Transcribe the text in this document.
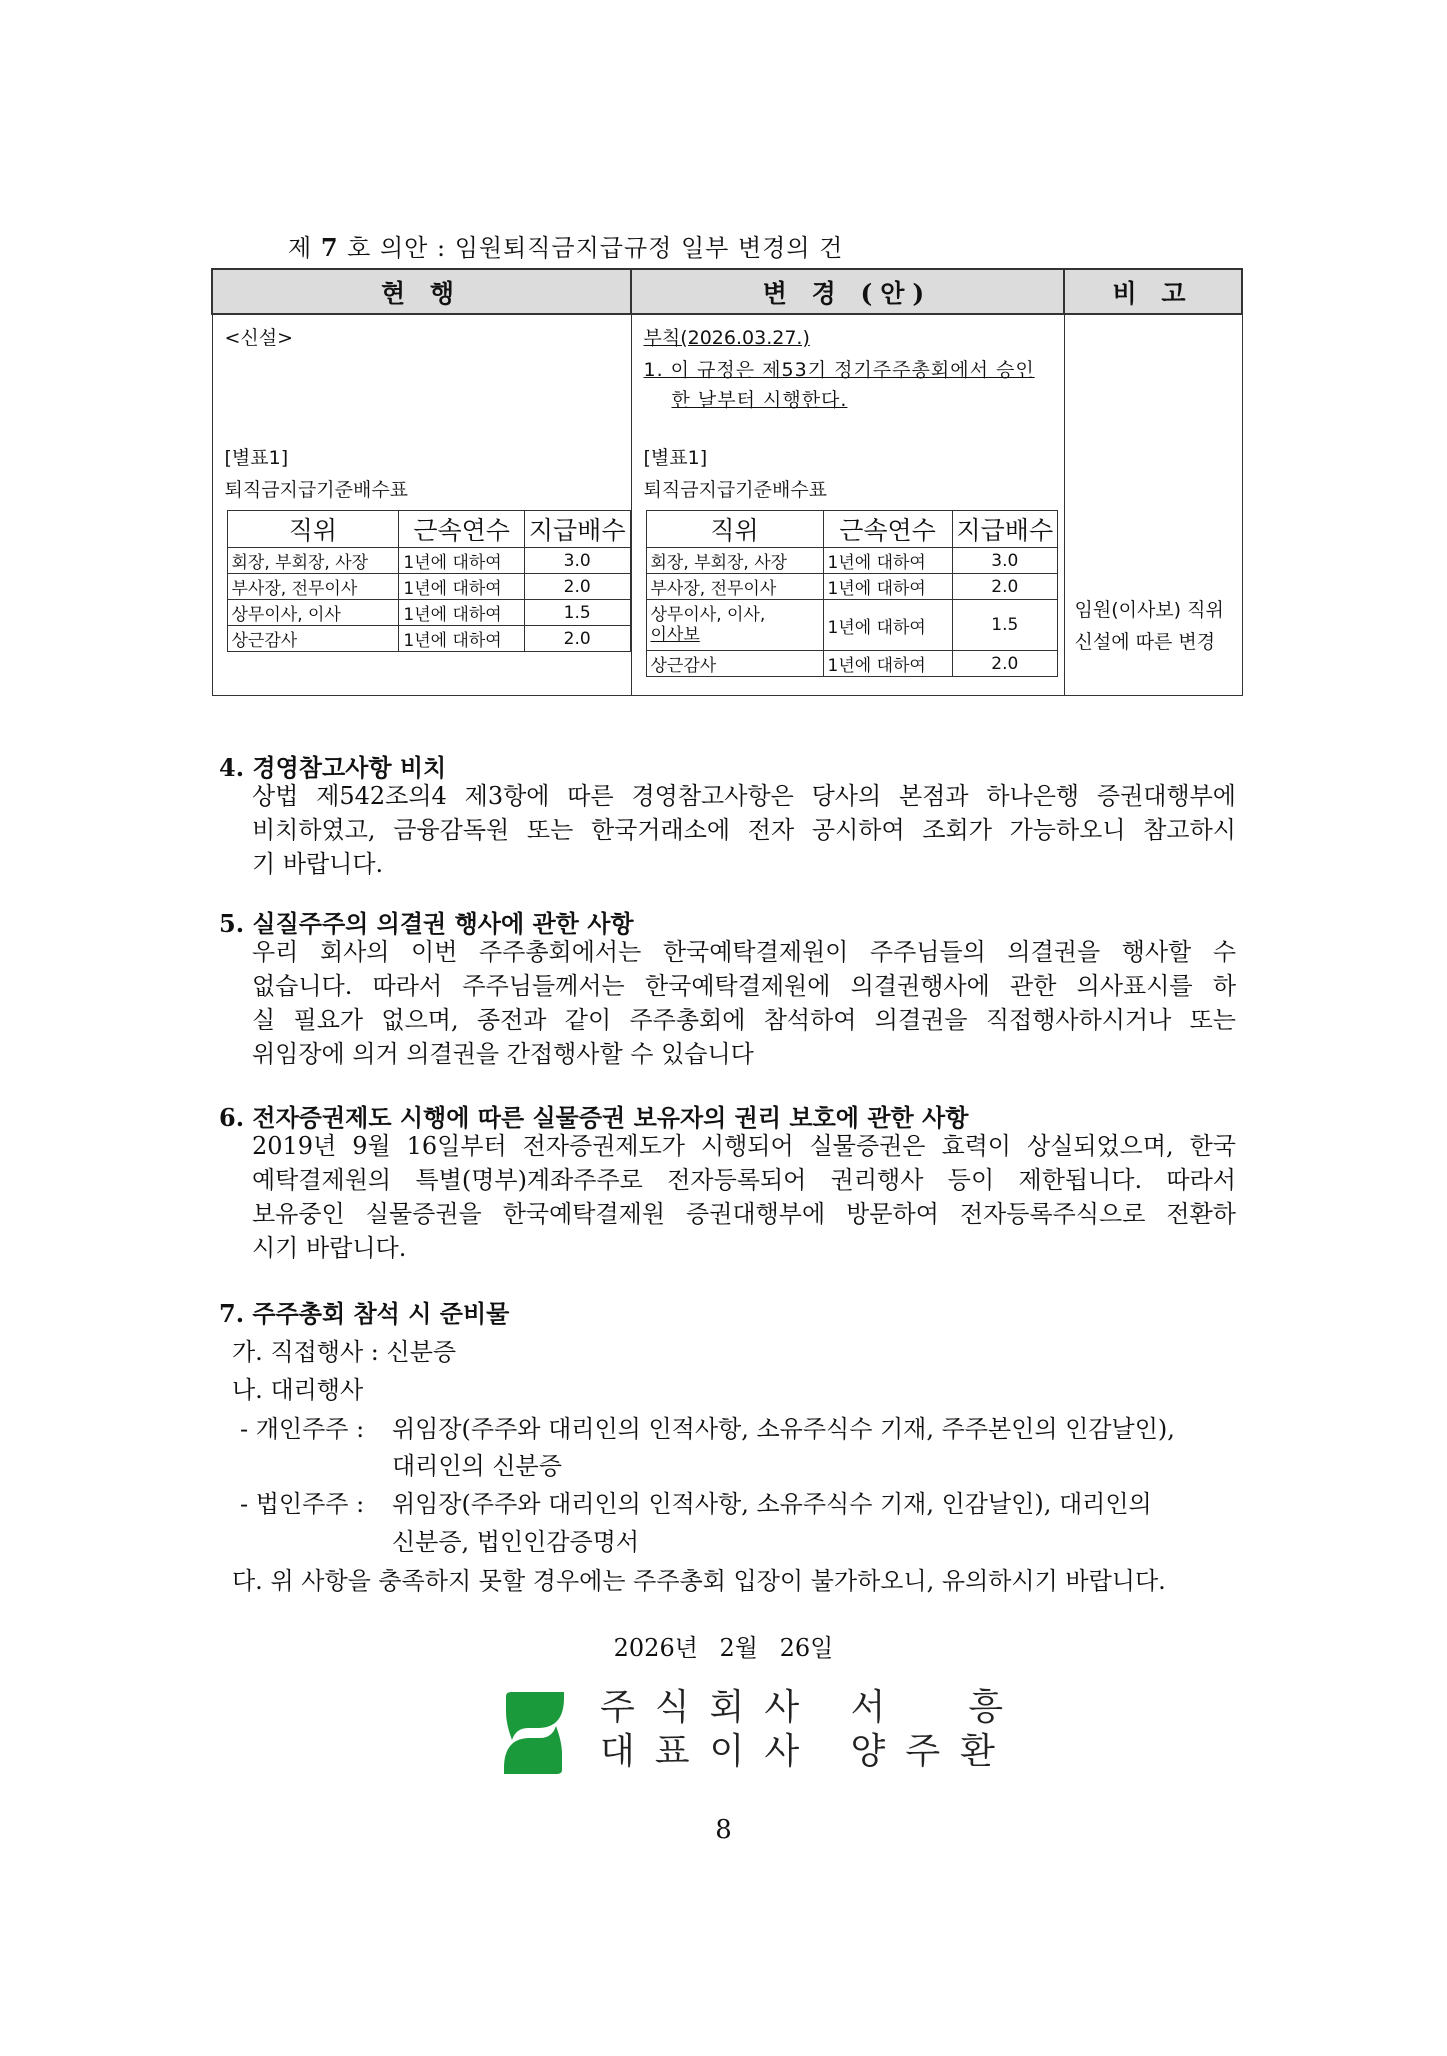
제 7 호 의안 : 임원퇴직금지급규정 일부 변경의 건
현 행	변 경 (안)	비 고

<신설>
[별표1]
퇴직금지급기준배수표
직위	근속연수	지급배수
회장, 부회장, 사장	1년에 대하여	3.0
부사장, 전무이사	1년에 대하여	2.0
상무이사, 이사	1년에 대하여	1.5
상근감사	1년에 대하여	2.0

부칙(2026.03.27.)
1. 이 규정은 제53기 정기주주총회에서 승인
한 날부터 시행한다.
[별표1]
퇴직금지급기준배수표
직위	근속연수	지급배수
회장, 부회장, 사장	1년에 대하여	3.0
부사장, 전무이사	1년에 대하여	2.0
상무이사, 이사,
이사보	1년에 대하여	1.5
상근감사	1년에 대하여	2.0

임원(이사보) 직위
신설에 따른 변경
4. 경영참고사항 비치
상법 제542조의4 제3항에 따른 경영참고사항은 당사의 본점과 하나은행 증권대행부에
비치하였고, 금융감독원 또는 한국거래소에 전자 공시하여 조회가 가능하오니 참고하시
기 바랍니다.
5. 실질주주의 의결권 행사에 관한 사항
우리 회사의 이번 주주총회에서는 한국예탁결제원이 주주님들의 의결권을 행사할 수
없습니다. 따라서 주주님들께서는 한국예탁결제원에 의결권행사에 관한 의사표시를 하
실 필요가 없으며, 종전과 같이 주주총회에 참석하여 의결권을 직접행사하시거나 또는
위임장에 의거 의결권을 간접행사할 수 있습니다
6. 전자증권제도 시행에 따른 실물증권 보유자의 권리 보호에 관한 사항
2019년 9월 16일부터 전자증권제도가 시행되어 실물증권은 효력이 상실되었으며, 한국
예탁결제원의 특별(명부)계좌주주로 전자등록되어 권리행사 등이 제한됩니다. 따라서
보유중인 실물증권을 한국예탁결제원 증권대행부에 방문하여 전자등록주식으로 전환하
시기 바랍니다.
7. 주주총회 참석 시 준비물
가. 직접행사 : 신분증
나. 대리행사
- 개인주주 : 위임장(주주와 대리인의 인적사항, 소유주식수 기재, 주주본인의 인감날인),
대리인의 신분증
- 법인주주 : 위임장(주주와 대리인의 인적사항, 소유주식수 기재, 인감날인), 대리인의
신분증, 법인인감증명서
다. 위 사항을 충족하지 못할 경우에는 주주총회 입장이 불가하오니, 유의하시기 바랍니다.
2026년 2월 26일
주식회사 서  흥
대표이사 양주환
8
